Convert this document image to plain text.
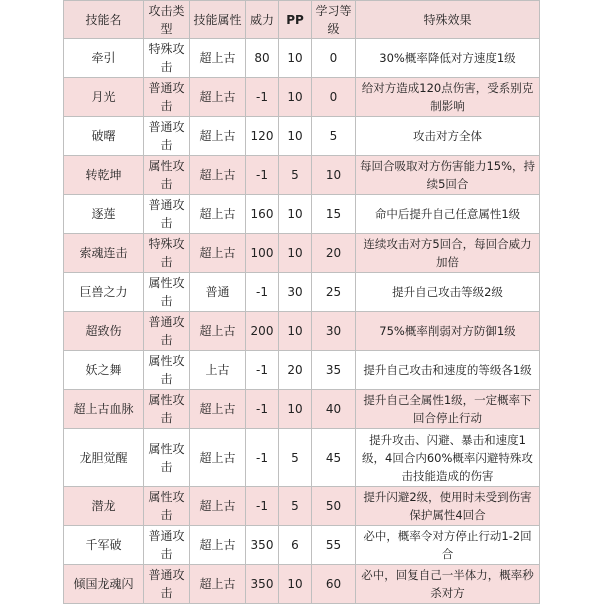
技能名	攻击类型	技能属性	威力	PP	学习等级	特殊效果
牵引	特殊攻击	超上古	80	10	0	30%概率降低对方速度1级
月光	普通攻击	超上古	-1	10	0	给对方造成120点伤害，受系别克制影响
破曙	普通攻击	超上古	120	10	5	攻击对方全体
转乾坤	属性攻击	超上古	-1	5	10	每回合吸取对方伤害能力15%，持续5回合
逐莲	普通攻击	超上古	160	10	15	命中后提升自己任意属性1级
索魂连击	特殊攻击	超上古	100	10	20	连续攻击对方5回合，每回合威力加倍
巨兽之力	属性攻击	普通	-1	30	25	提升自己攻击等级2级
超致伤	普通攻击	超上古	200	10	30	75%概率削弱对方防御1级
妖之舞	属性攻击	上古	-1	20	35	提升自己攻击和速度的等级各1级
超上古血脉	属性攻击	超上古	-1	10	40	提升自己全属性1级，一定概率下回合停止行动
龙胆觉醒	属性攻击	超上古	-1	5	45	提升攻击、闪避、暴击和速度1级，4回合内60%概率闪避特殊攻击技能造成的伤害
潜龙	属性攻击	超上古	-1	5	50	提升闪避2级，使用时未受到伤害保护属性4回合
千军破	普通攻击	超上古	350	6	55	必中，概率令对方停止行动1-2回合
倾国龙魂闪	普通攻击	超上古	350	10	60	必中，回复自己一半体力，概率秒杀对方
